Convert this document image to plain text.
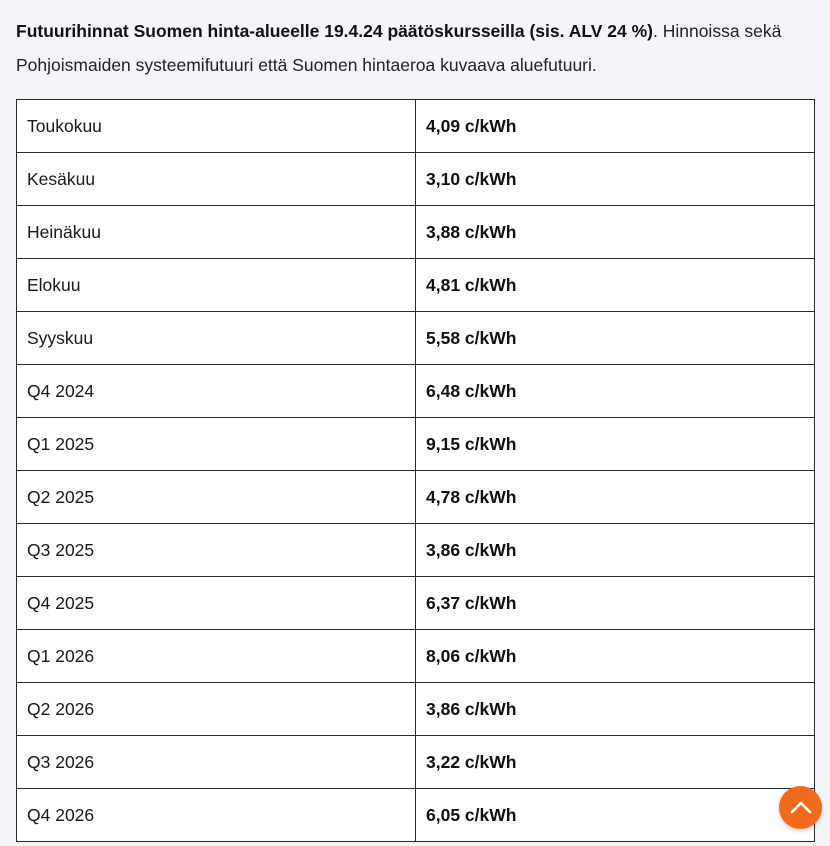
Futuurihinnat Suomen hinta-alueelle 19.4.24 päätöskursseilla (sis. ALV 24 %). Hinnoissa sekä Pohjoismaiden systeemifutuuri että Suomen hintaeroa kuvaava aluefutuuri.

Toukokuu	4,09 c/kWh
Kesäkuu	3,10 c/kWh
Heinäkuu	3,88 c/kWh
Elokuu	4,81 c/kWh
Syyskuu	5,58 c/kWh
Q4 2024	6,48 c/kWh
Q1 2025	9,15 c/kWh
Q2 2025	4,78 c/kWh
Q3 2025	3,86 c/kWh
Q4 2025	6,37 c/kWh
Q1 2026	8,06 c/kWh
Q2 2026	3,86 c/kWh
Q3 2026	3,22 c/kWh
Q4 2026	6,05 c/kWh
